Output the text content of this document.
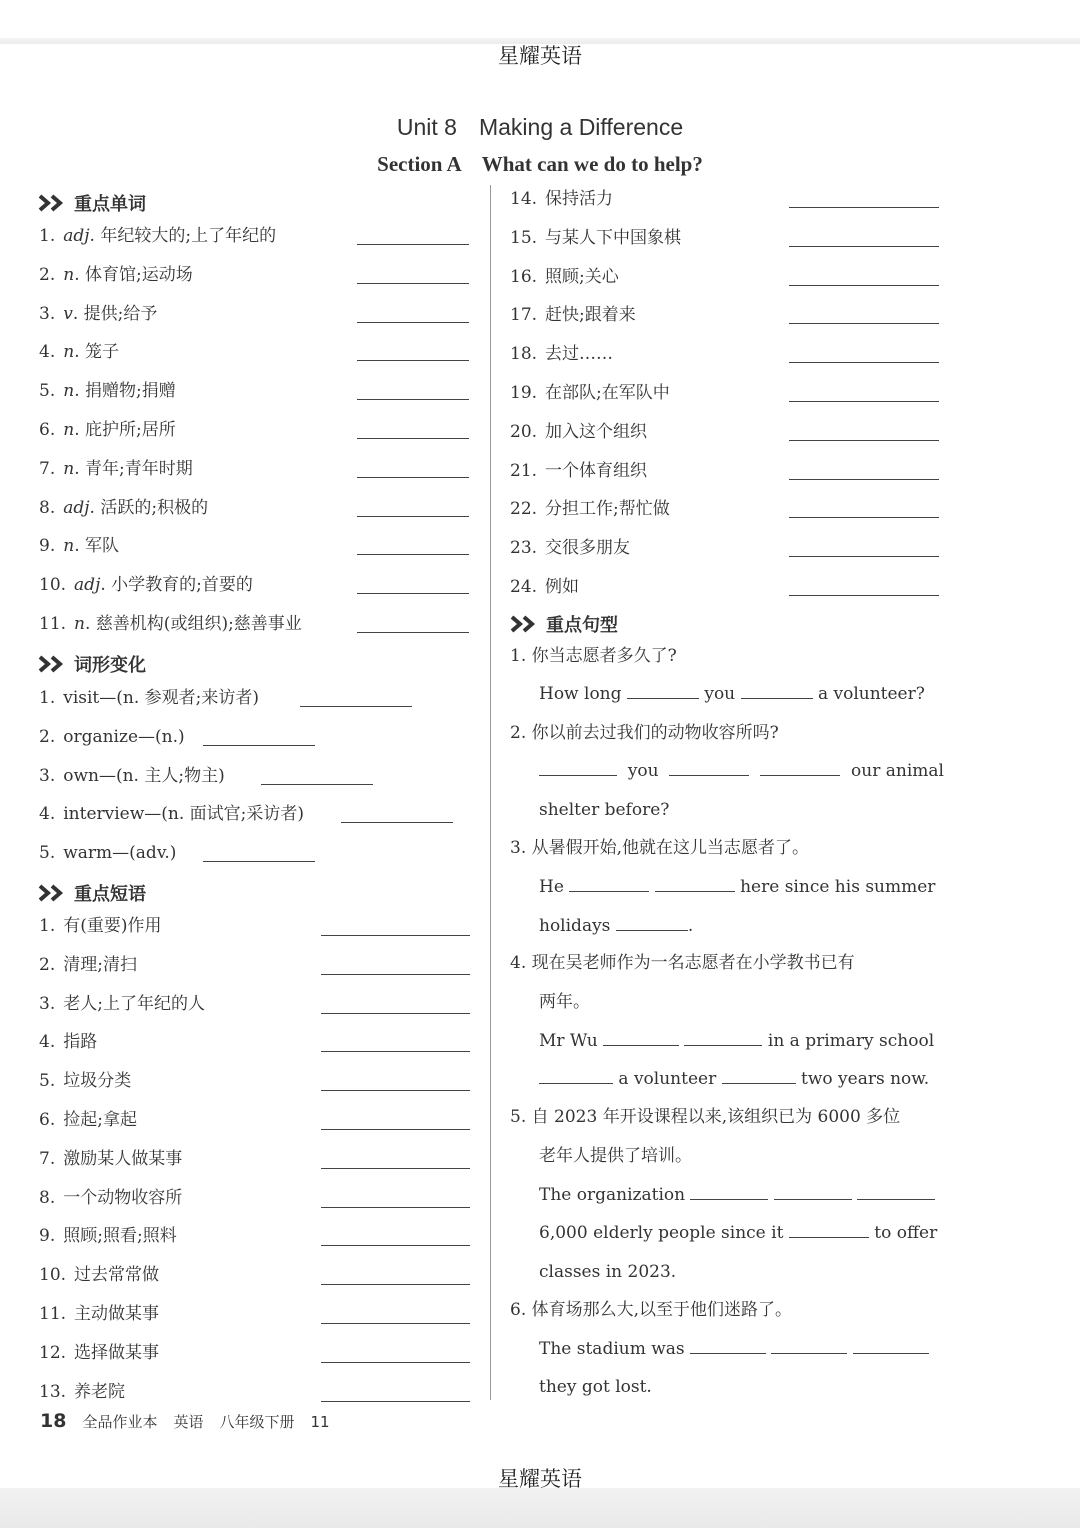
星耀英语
Unit 8 Making a Difference
Section A What can we do to help?
重点单词
1. adj. 年纪较大的;上了年纪的
2. n. 体育馆;运动场
3. v. 提供;给予
4. n. 笼子
5. n. 捐赠物;捐赠
6. n. 庇护所;居所
7. n. 青年;青年时期
8. adj. 活跃的;积极的
9. n. 军队
10. adj. 小学教育的;首要的
11. n. 慈善机构(或组织);慈善事业
词形变化
1. visit—(n. 参观者;来访者)
2. organize—(n.)
3. own—(n. 主人;物主)
4. interview—(n. 面试官;采访者)
5. warm—(adv.)
重点短语
1. 有(重要)作用
2. 清理;清扫
3. 老人;上了年纪的人
4. 指路
5. 垃圾分类
6. 捡起;拿起
7. 激励某人做某事
8. 一个动物收容所
9. 照顾;照看;照料
10. 过去常常做
11. 主动做某事
12. 选择做某事
13. 养老院
14. 保持活力
15. 与某人下中国象棋
16. 照顾;关心
17. 赶快;跟着来
18. 去过……
19. 在部队;在军队中
20. 加入这个组织
21. 一个体育组织
22. 分担工作;帮忙做
23. 交很多朋友
24. 例如
重点句型
1. 你当志愿者多久了?
How long	you	a volunteer?
2. 你以前去过我们的动物收容所吗?
you	our animal
shelter before?
3. 从暑假开始,他就在这儿当志愿者了。
He	here since his summer
holidays	.
4. 现在吴老师作为一名志愿者在小学教书已有
两年。
Mr Wu	in a primary school
a volunteer	two years now.
5. 自 2023 年开设课程以来,该组织已为 6000 多位
老年人提供了培训。
The organization
6,000 elderly people since it	to offer
classes in 2023.
6. 体育场那么大,以至于他们迷路了。
The stadium was
they got lost.
18 全品作业本 英语 八年级下册 11
星耀英语
